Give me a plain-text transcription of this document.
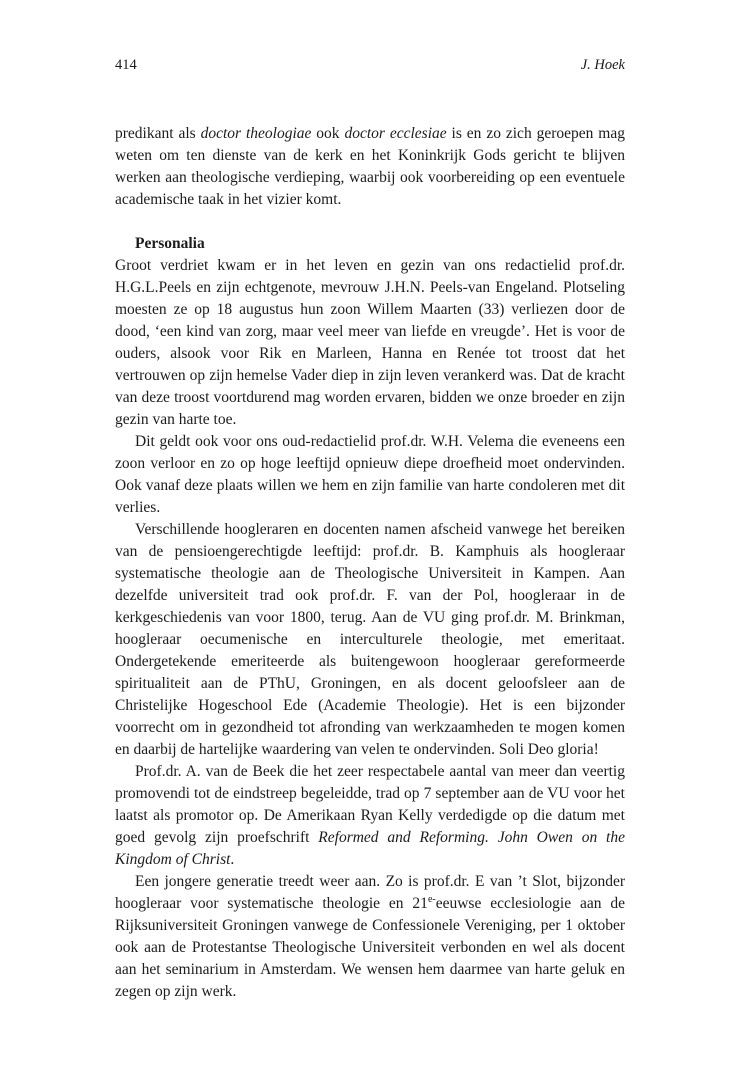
414	J. Hoek

predikant als doctor theologiae ook doctor ecclesiae is en zo zich geroepen mag weten om ten dienste van de kerk en het Koninkrijk Gods gericht te blijven werken aan theologische verdieping, waarbij ook voorbereiding op een eventuele academische taak in het vizier komt.

Personalia

Groot verdriet kwam er in het leven en gezin van ons redactielid prof.dr. H.G.L.Peels en zijn echtgenote, mevrouw J.H.N. Peels-van Engeland. Plotseling moesten ze op 18 augustus hun zoon Willem Maarten (33) verliezen door de dood, ‘een kind van zorg, maar veel meer van liefde en vreugde’. Het is voor de ouders, alsook voor Rik en Marleen, Hanna en Renée tot troost dat het vertrouwen op zijn hemelse Vader diep in zijn leven verankerd was. Dat de kracht van deze troost voortdurend mag worden ervaren, bidden we onze broeder en zijn gezin van harte toe.

Dit geldt ook voor ons oud-redactielid prof.dr. W.H. Velema die eveneens een zoon verloor en zo op hoge leeftijd opnieuw diepe droefheid moet ondervinden. Ook vanaf deze plaats willen we hem en zijn familie van harte condoleren met dit verlies.

Verschillende hoogleraren en docenten namen afscheid vanwege het bereiken van de pensioengerechtigde leeftijd: prof.dr. B. Kamphuis als hoogleraar systematische theologie aan de Theologische Universiteit in Kampen. Aan dezelfde universiteit trad ook prof.dr. F. van der Pol, hoogleraar in de kerkgeschiedenis van voor 1800, terug. Aan de VU ging prof.dr. M. Brinkman, hoogleraar oecumenische en interculturele theologie, met emeritaat. Ondergetekende emeriteerde als buitengewoon hoogleraar gereformeerde spiritualiteit aan de PThU, Groningen, en als docent geloofsleer aan de Christelijke Hogeschool Ede (Academie Theologie). Het is een bijzonder voorrecht om in gezondheid tot afronding van werkzaamheden te mogen komen en daarbij de hartelijke waardering van velen te ondervinden. Soli Deo gloria!

Prof.dr. A. van de Beek die het zeer respectabele aantal van meer dan veertig promovendi tot de eindstreep begeleidde, trad op 7 september aan de VU voor het laatst als promotor op. De Amerikaan Ryan Kelly verdedigde op die datum met goed gevolg zijn proefschrift Reformed and Reforming. John Owen on the Kingdom of Christ.

Een jongere generatie treedt weer aan. Zo is prof.dr. E van ’t Slot, bijzonder hoogleraar voor systematische theologie en $21^{e-}eeuwse$ ecclesiologie aan de Rijksuniversiteit Groningen vanwege de Confessionele Vereniging, per 1 oktober ook aan de Protestantse Theologische Universiteit verbonden en wel als docent aan het seminarium in Amsterdam. We wensen hem daarmee van harte geluk en zegen op zijn werk.
